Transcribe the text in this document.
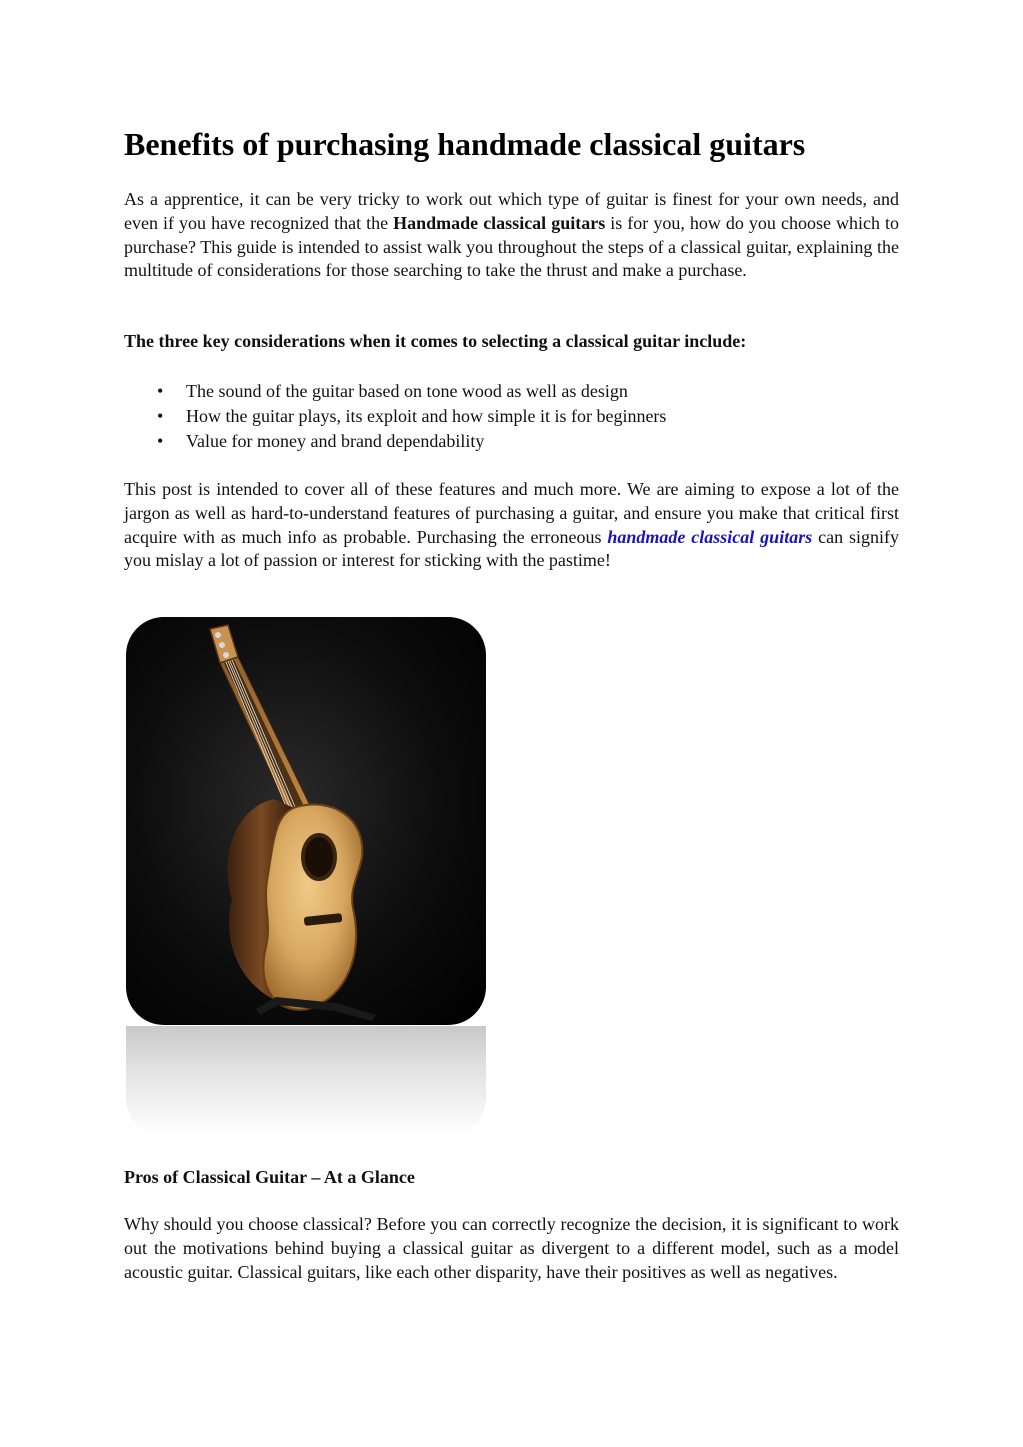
Benefits of purchasing handmade classical guitars

As a apprentice, it can be very tricky to work out which type of guitar is finest for your own needs, and even if you have recognized that the Handmade classical guitars is for you, how do you choose which to purchase? This guide is intended to assist walk you throughout the steps of a classical guitar, explaining the multitude of considerations for those searching to take the thrust and make a purchase.

The three key considerations when it comes to selecting a classical guitar include:

• The sound of the guitar based on tone wood as well as design
• How the guitar plays, its exploit and how simple it is for beginners
• Value for money and brand dependability

This post is intended to cover all of these features and much more. We are aiming to expose a lot of the jargon as well as hard-to-understand features of purchasing a guitar, and ensure you make that critical first acquire with as much info as probable. Purchasing the erroneous handmade classical guitars can signify you mislay a lot of passion or interest for sticking with the pastime!

Pros of Classical Guitar – At a Glance

Why should you choose classical? Before you can correctly recognize the decision, it is significant to work out the motivations behind buying a classical guitar as divergent to a different model, such as a model acoustic guitar. Classical guitars, like each other disparity, have their positives as well as negatives.
